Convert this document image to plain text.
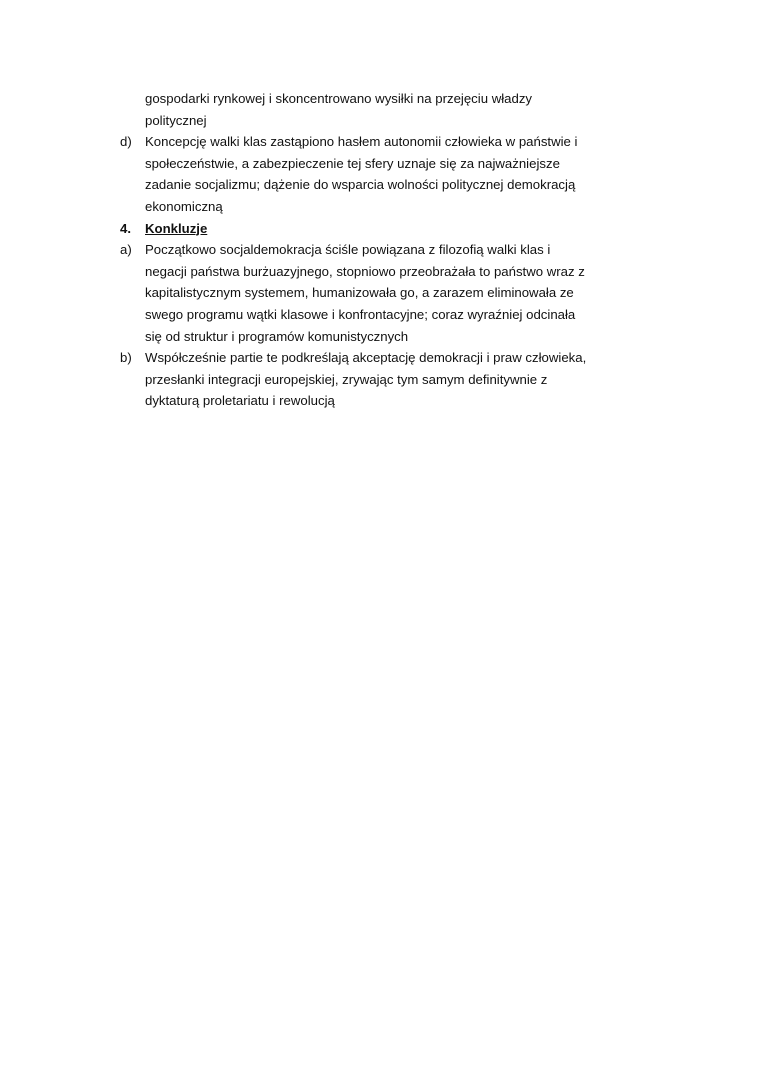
gospodarki rynkowej i skoncentrowano wysiłki na przejęciu władzy
politycznej
d) Koncepcję walki klas zastąpiono hasłem autonomii człowieka w państwie i
społeczeństwie, a zabezpieczenie tej sfery uznaje się za najważniejsze
zadanie socjalizmu; dążenie do wsparcia wolności politycznej demokracją
ekonomiczną
4. Konkluzje
a) Początkowo socjaldemokracja ściśle powiązana z filozofią walki klas i
negacji państwa burżuazyjnego, stopniowo przeobrażała to państwo wraz z
kapitalistycznym systemem, humanizowała go, a zarazem eliminowała ze
swego programu wątki klasowe i konfrontacyjne; coraz wyraźniej odcinała
się od struktur i programów komunistycznych
b) Współcześnie partie te podkreślają akceptację demokracji i praw człowieka,
przesłanki integracji europejskiej, zrywając tym samym definitywnie z
dyktaturą proletariatu i rewolucją
